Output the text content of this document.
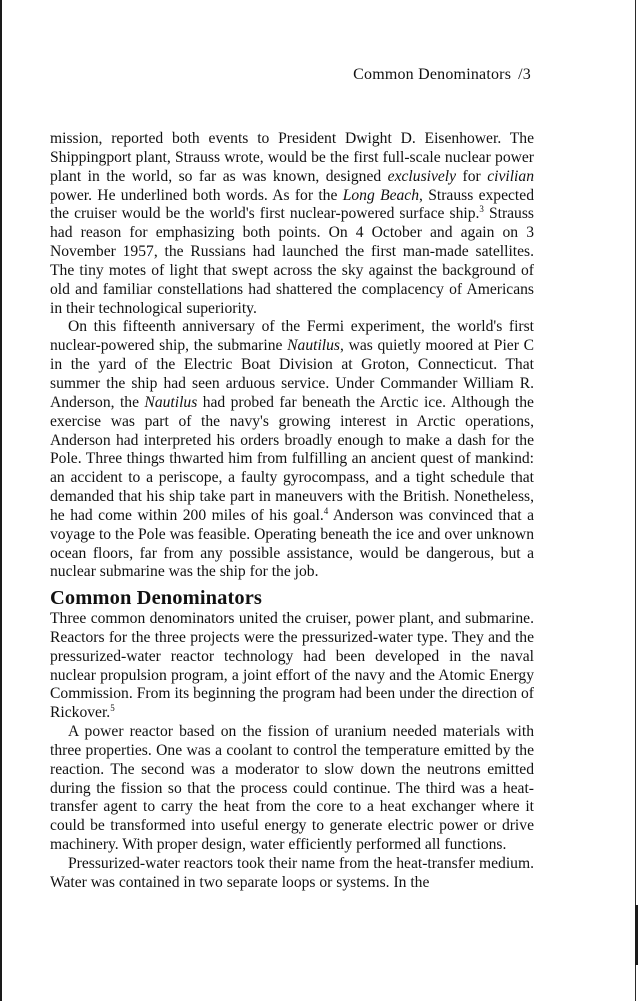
Common Denominators /3

mission, reported both events to President Dwight D. Eisenhower. The Shippingport plant, Strauss wrote, would be the first full-scale nuclear power plant in the world, so far as was known, designed exclusively for civilian power. He underlined both words. As for the Long Beach, Strauss expected the cruiser would be the world's first nuclear-powered surface ship.$^3$ Strauss had reason for emphasizing both points. On 4 October and again on 3 November 1957, the Russians had launched the first man-made satellites. The tiny motes of light that swept across the sky against the background of old and familiar constellations had shattered the complacency of Americans in their technological superiority.

On this fifteenth anniversary of the Fermi experiment, the world's first nuclear-powered ship, the submarine Nautilus, was quietly moored at Pier C in the yard of the Electric Boat Division at Groton, Connecticut. That summer the ship had seen arduous service. Under Commander William R. Anderson, the Nautilus had probed far beneath the Arctic ice. Although the exercise was part of the navy's growing interest in Arctic operations, Anderson had interpreted his orders broadly enough to make a dash for the Pole. Three things thwarted him from fulfilling an ancient quest of mankind: an accident to a periscope, a faulty gyrocompass, and a tight schedule that demanded that his ship take part in maneuvers with the British. Nonetheless, he had come within 200 miles of his goal.$^4$ Anderson was convinced that a voyage to the Pole was feasible. Operating beneath the ice and over unknown ocean floors, far from any possible assistance, would be dangerous, but a nuclear submarine was the ship for the job.

Common Denominators

Three common denominators united the cruiser, power plant, and submarine. Reactors for the three projects were the pressurized-water type. They and the pressurized-water reactor technology had been developed in the naval nuclear propulsion program, a joint effort of the navy and the Atomic Energy Commission. From its beginning the program had been under the direction of Rickover.$^5$

A power reactor based on the fission of uranium needed materials with three properties. One was a coolant to control the temperature emitted by the reaction. The second was a moderator to slow down the neutrons emitted during the fission so that the process could continue. The third was a heat-transfer agent to carry the heat from the core to a heat exchanger where it could be transformed into useful energy to generate electric power or drive machinery. With proper design, water efficiently performed all functions.

Pressurized-water reactors took their name from the heat-transfer medium. Water was contained in two separate loops or systems. In the
